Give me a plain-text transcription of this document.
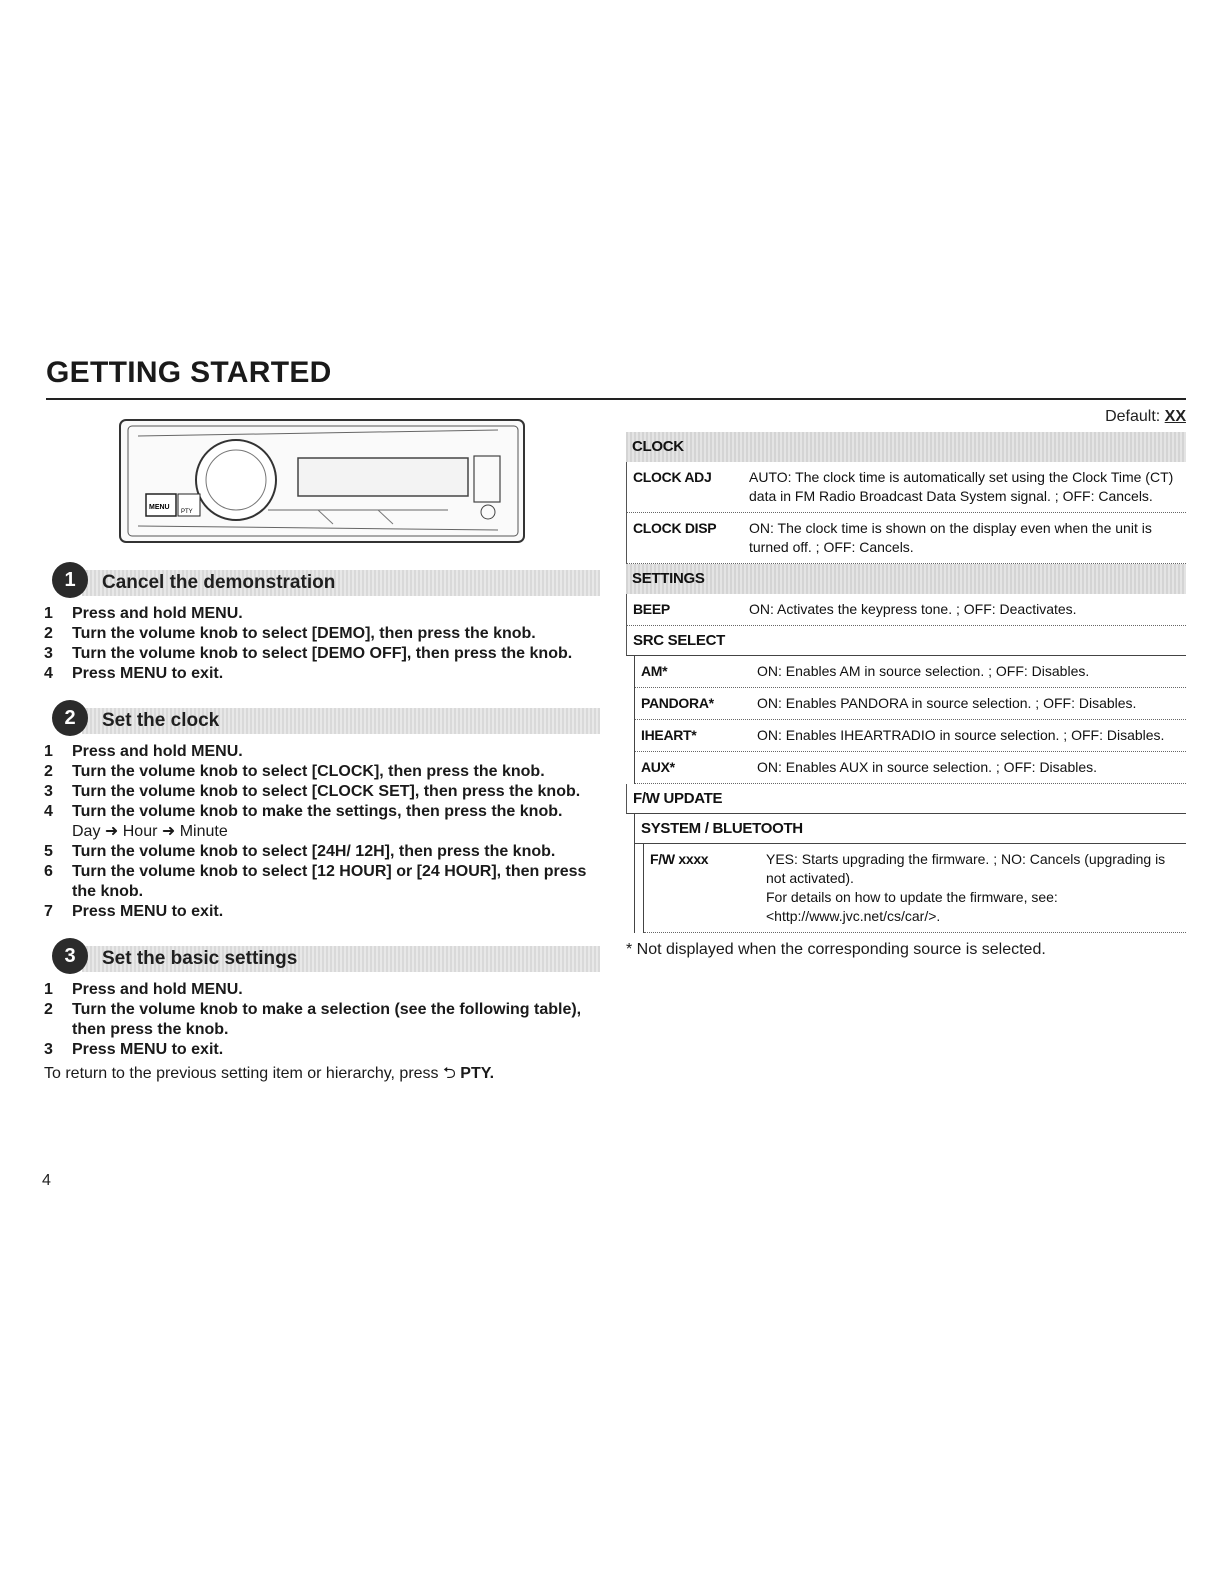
GETTING STARTED
MENU
PTY
1	Cancel the demonstration
1	Press and hold MENU.
2	Turn the volume knob to select [DEMO], then press the knob.
3	Turn the volume knob to select [DEMO OFF], then press the knob.
4	Press MENU to exit.
2	Set the clock
1	Press and hold MENU.
2	Turn the volume knob to select [CLOCK], then press the knob.
3	Turn the volume knob to select [CLOCK SET], then press the knob.
4	Turn the volume knob to make the settings, then press the knob.
Day ➜ Hour ➜ Minute
5	Turn the volume knob to select [24H/ 12H], then press the knob.
6	Turn the volume knob to select [12 HOUR] or [24 HOUR], then press the knob.
7	Press MENU to exit.
3	Set the basic settings
1	Press and hold MENU.
2	Turn the volume knob to make a selection (see the following table), then press the knob.
3	Press MENU to exit.
To return to the previous setting item or hierarchy, press ⮌ PTY.
4
Default: XX
CLOCK
CLOCK ADJ	AUTO: The clock time is automatically set using the Clock Time (CT) data in FM Radio Broadcast Data System signal. ; OFF: Cancels.
CLOCK DISP	ON: The clock time is shown on the display even when the unit is turned off. ; OFF: Cancels.
SETTINGS
BEEP	ON: Activates the keypress tone. ; OFF: Deactivates.
SRC SELECT
AM*	ON: Enables AM in source selection. ; OFF: Disables.
PANDORA*	ON: Enables PANDORA in source selection. ; OFF: Disables.
IHEART*	ON: Enables IHEARTRADIO in source selection. ; OFF: Disables.
AUX*	ON: Enables AUX in source selection. ; OFF: Disables.
F/W UPDATE
SYSTEM / BLUETOOTH
F/W xxxx	YES: Starts upgrading the firmware. ; NO: Cancels (upgrading is not activated).
For details on how to update the firmware, see:
<http://www.jvc.net/cs/car/>.
* Not displayed when the corresponding source is selected.
